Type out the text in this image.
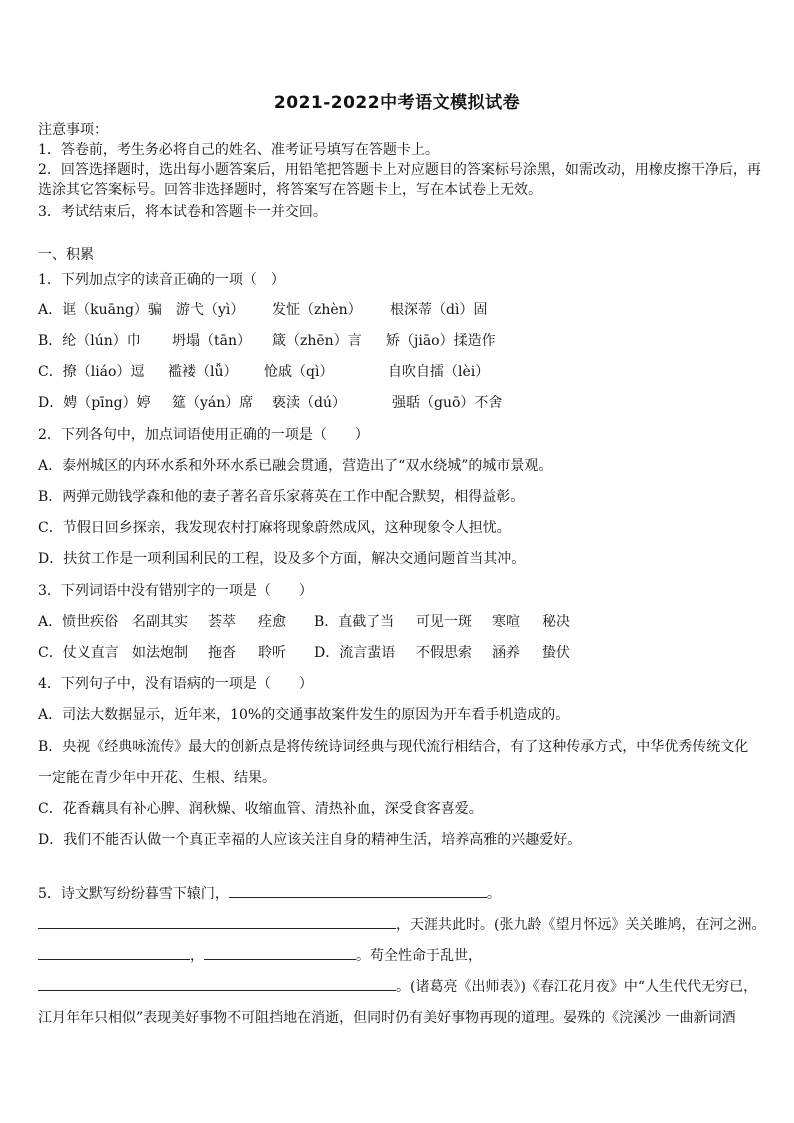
2021-2022中考语文模拟试卷
注意事项：
1．答卷前，考生务必将自己的姓名、准考证号填写在答题卡上。
2．回答选择题时，选出每小题答案后，用铅笔把答题卡上对应题目的答案标号涂黑，如需改动，用橡皮擦干净后，再
选涂其它答案标号。回答非选择题时，将答案写在答题卡上，写在本试卷上无效。
3．考试结束后，将本试卷和答题卡一并交回。
一、积累
1．下列加点字的读音正确的一项（　）
A．诓（kuāng）骗 游弋（yì） 发怔（zhèn） 根深蒂（dì）固
B．纶（lún）巾 坍塌（tān） 箴（zhēn）言 矫（jiāo）揉造作
C．撩（liáo）逗 褴褛（lǚ） 怆戚（qì）	自吹自擂（lèi）
D．娉（pīng）婷 筵（yán）席 亵渎（dú）	强聒（guō）不舍
2．下列各句中，加点词语使用正确的一项是（　　）
A．泰州城区的内环水系和外环水系已融会贯通，营造出了“双水绕城”的城市景观。
B．两弹元勋钱学森和他的妻子著名音乐家蒋英在工作中配合默契，相得益彰。
C．节假日回乡探亲，我发现农村打麻将现象蔚然成风，这种现象令人担忧。
D．扶贫工作是一项利国利民的工程，设及多个方面，解决交通问题首当其冲。
3．下列词语中没有错别字的一项是（　　）
A．愤世疾俗 名副其实 荟萃 痊愈 B．直截了当 可见一斑 寒喧 秘决
C．仗义直言 如法炮制 拖沓 聆听 D．流言蜚语 不假思索 涵养 蛰伏
4．下列句子中，没有语病的一项是（　　）
A．司法大数据显示，近年来，10%的交通事故案件发生的原因为开车看手机造成的。
B．央视《经典咏流传》最大的创新点是将传统诗词经典与现代流行相结合，有了这种传承方式，中华优秀传统文化
一定能在青少年中开花、生根、结果。
C．花香藕具有补心脾、润秋燥、收缩血管、清热补血，深受食客喜爱。
D．我们不能否认做一个真正幸福的人应该关注自身的精神生活，培养高雅的兴趣爱好。
5．诗文默写纷纷暮雪下辕门，	。
，天涯共此时。(张九龄《望月怀远》关关雎鸠，在河之洲。
，	。苟全性命于乱世，
。(诸葛亮《出师表》)《春江花月夜》中“人生代代无穷已，
江月年年只相似”表现美好事物不可阻挡地在消逝，但同时仍有美好事物再现的道理。晏殊的《浣溪沙 一曲新词酒
